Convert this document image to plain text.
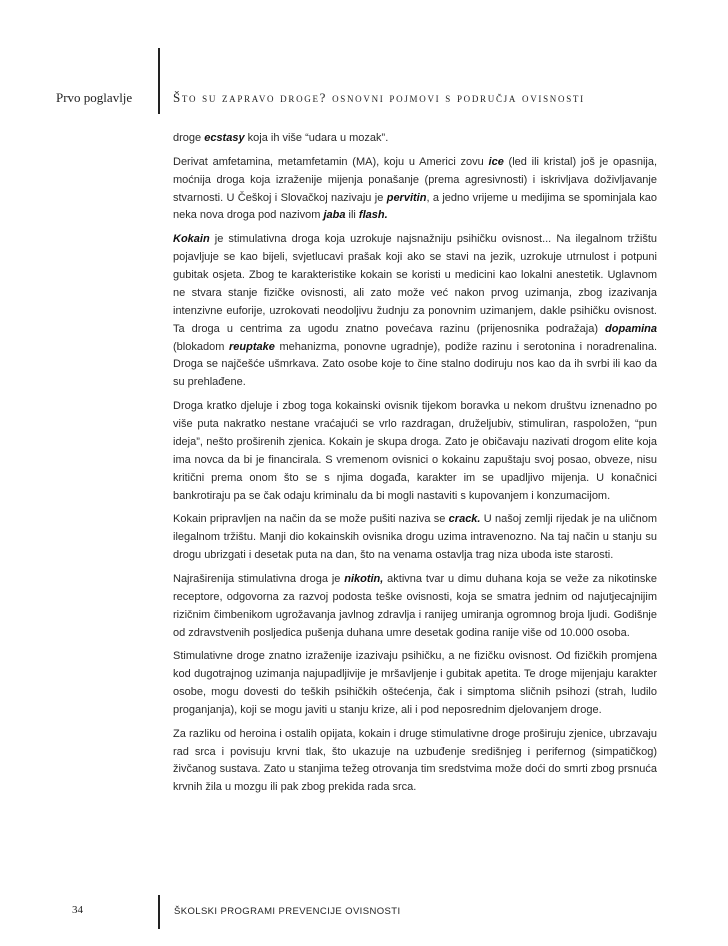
Prvo poglavlje	Što su zapravo droge? osnovni pojmovi s područja ovisnosti

droge ecstasy koja ih više “udara u mozak”.

Derivat amfetamina, metamfetamin (MA), koju u Americi zovu ice (led ili kristal) još je opasnija, moćnija droga koja izraženije mijenja ponašanje (prema agresivnosti) i iskrivljava doživljavanje stvarnosti. U Češkoj i Slovačkoj nazivaju je pervitin, a jedno vrijeme u medijima se spominjala kao neka nova droga pod nazivom jaba ili flash.

Kokain je stimulativna droga koja uzrokuje najsnažniju psihičku ovisnost... Na ilegalnom tržištu pojavljuje se kao bijeli, svjetlucavi prašak koji ako se stavi na jezik, uzrokuje utrnulost i potpuni gubitak osjeta. Zbog te karakteristike kokain se koristi u medicini kao lokalni anestetik. Uglavnom ne stvara stanje fizičke ovisnosti, ali zato može već nakon prvog uzimanja, zbog izazivanja intenzivne euforije, uzrokovati neodoljivu žudnju za ponovnim uzimanjem, dakle psihičku ovisnost. Ta droga u centrima za ugodu znatno povećava razinu (prijenosnika podražaja) dopamina (blokadom reuptake mehanizma, ponovne ugradnje), podiže razinu i serotonina i noradrenalina. Droga se najčešće ušmrkava. Zato osobe koje to čine stalno dodiruju nos kao da ih svrbi ili kao da su prehlađene.

Droga kratko djeluje i zbog toga kokainski ovisnik tijekom boravka u nekom društvu iznenadno po više puta nakratko nestane vraćajući se vrlo razdragan, druželjubiv, stimuliran, raspoložen, “pun ideja”, nešto proširenih zjenica. Kokain je skupa droga. Zato je običavaju nazivati drogom elite koja ima novca da bi je financirala. S vremenom ovisnici o kokainu zapuštaju svoj posao, obveze, nisu kritični prema onom što se s njima događa, karakter im se upadljivo mijenja. U konačnici bankrotiraju pa se čak odaju kriminalu da bi mogli nastaviti s kupovanjem i konzumacijom.

Kokain pripravljen na način da se može pušiti naziva se crack. U našoj zemlji rijedak je na uličnom ilegalnom tržištu. Manji dio kokainskih ovisnika drogu uzima intravenozno. Na taj način u stanju su drogu ubrizgati i desetak puta na dan, što na venama ostavlja trag niza uboda iste starosti.

Najraširenija stimulativna droga je nikotin, aktivna tvar u dimu duhana koja se veže za nikotinske receptore, odgovorna za razvoj podosta teške ovisnosti, koja se smatra jednim od najutjecajnijim rizičnim čimbenikom ugrožavanja javlnog zdravlja i ranijeg umiranja ogromnog broja ljudi. Godišnje od zdravstvenih posljedica pušenja duhana umre desetak godina ranije više od 10.000 osoba.

Stimulativne droge znatno izraženije izazivaju psihičku, a ne fizičku ovisnost. Od fizičkih promjena kod dugotrajnog uzimanja najupadljivije je mršavljenje i gubitak apetita. Te droge mijenjaju karakter osobe, mogu dovesti do teških psihičkih oštećenja, čak i simptoma sličnih psihozi (strah, ludilo proganjanja), koji se mogu javiti u stanju krize, ali i pod neposrednim djelovanjem droge.

Za razliku od heroina i ostalih opijata, kokain i druge stimulativne droge proširuju zjenice, ubrzavaju rad srca i povisuju krvni tlak, što ukazuje na uzbuđenje središnjeg i perifernog (simpatičkog) živčanog sustava. Zato u stanjima težeg otrovanja tim sredstvima može doći do smrti zbog prsnuća krvnih žila u mozgu ili pak zbog prekida rada srca.

34	ŠKOLSKI PROGRAMI PREVENCIJE OVISNOSTI
